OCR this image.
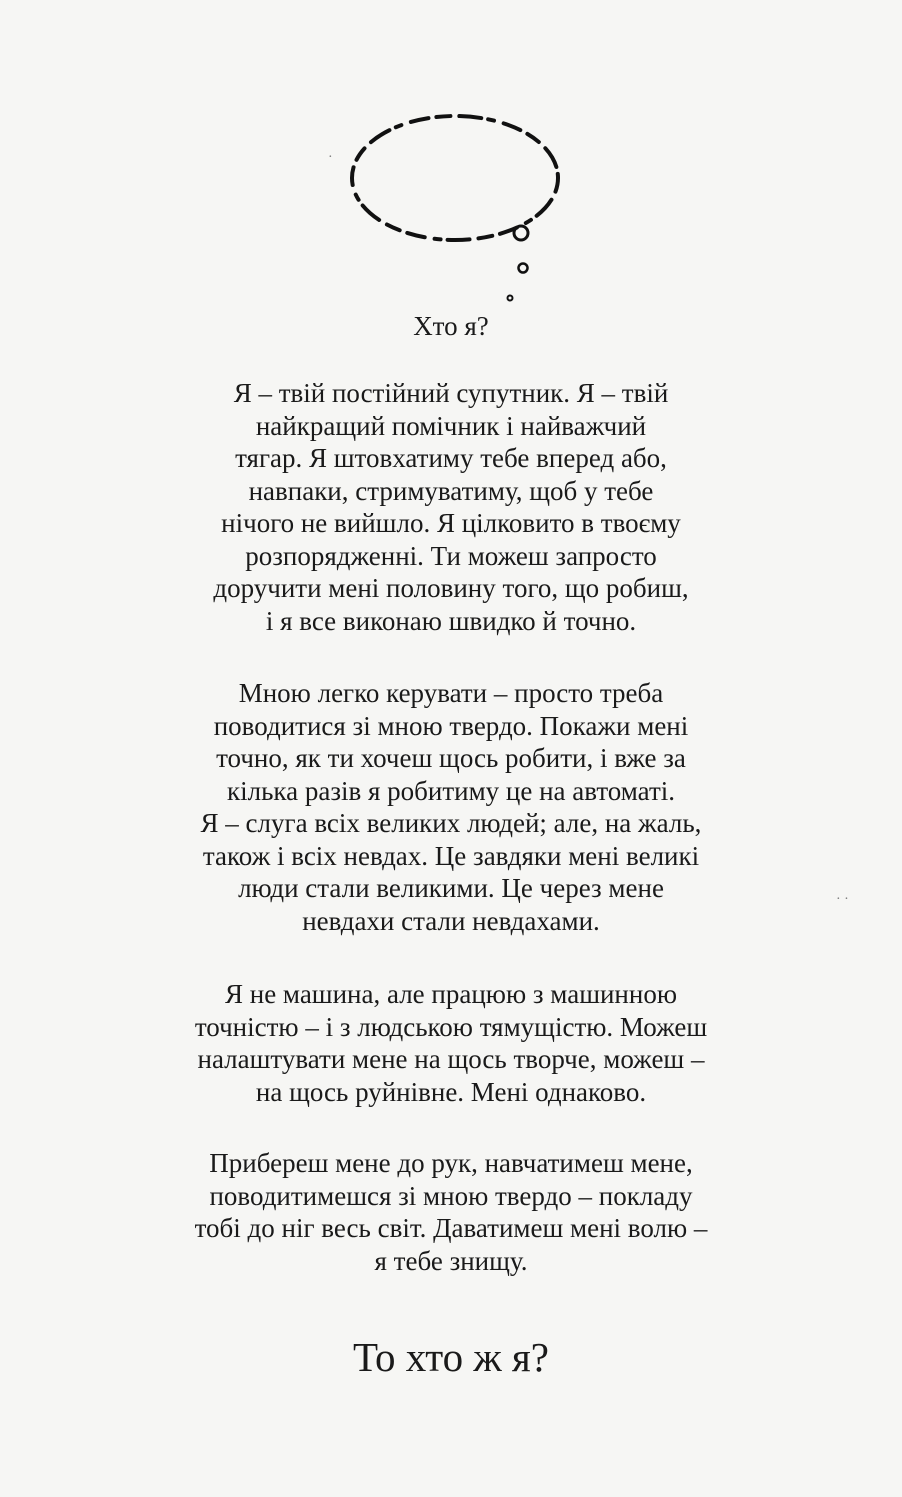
·
· ·
Хто я?

Я – твій постійний супутник. Я – твій
найкращий помічник і найважчий
тягар. Я штовхатиму тебе вперед або,
навпаки, стримуватиму, щоб у тебе
нічого не вийшло. Я цілковито в твоєму
розпорядженні. Ти можеш запросто
доручити мені половину того, що робиш,
і я все виконаю швидко й точно.

Мною легко керувати – просто треба
поводитися зі мною твердо. Покажи мені
точно, як ти хочеш щось робити, і вже за
кілька разів я робитиму це на автоматі.
Я – слуга всіх великих людей; але, на жаль,
також і всіх невдах. Це завдяки мені великі
люди стали великими. Це через мене
невдахи стали невдахами.

Я не машина, але працюю з машинною
точністю – і з людською тямущістю. Можеш
налаштувати мене на щось творче, можеш –
на щось руйнівне. Мені однаково.

Прибереш мене до рук, навчатимеш мене,
поводитимешся зі мною твердо – покладу
тобі до ніг весь світ. Даватимеш мені волю –
я тебе знищу.

То хто ж я?
